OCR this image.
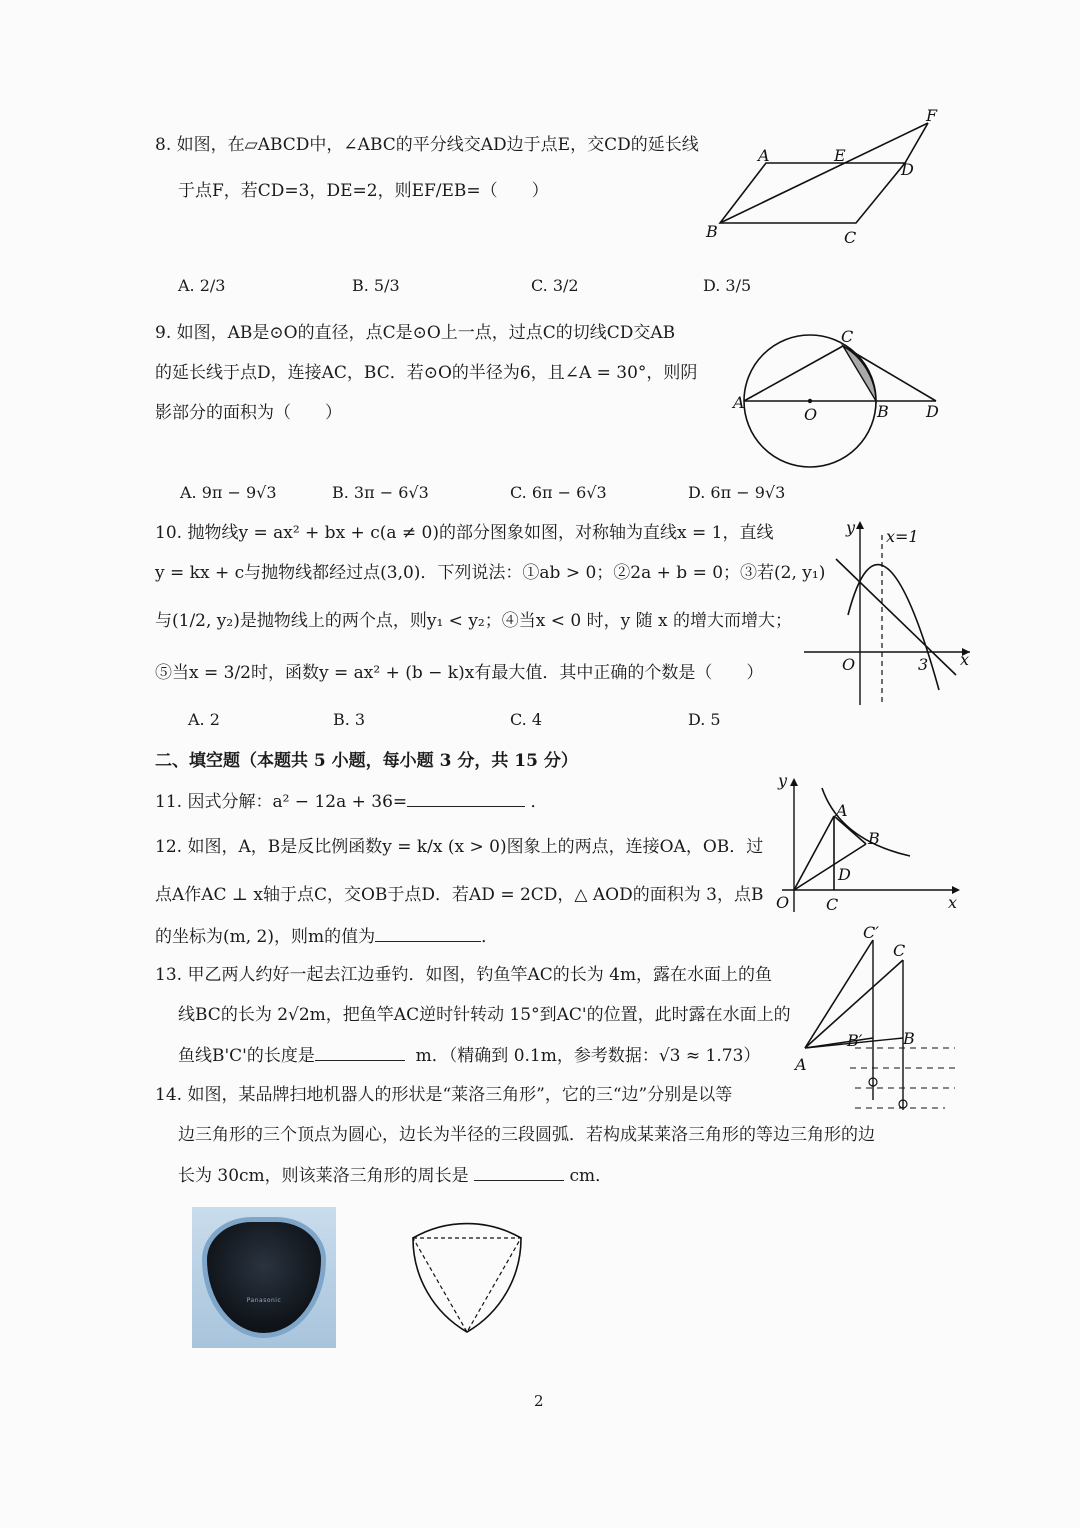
8. 如图，在▱ABCD中，∠ABC的平分线交AD边于点E，交CD的延长线
于点F，若CD=3，DE=2，则EF/EB=（　　）
A. 2/3	B. 5/3	C. 3/2	D. 3/5
A	E
D
F
B	C
9. 如图，AB是⊙O的直径，点C是⊙O上一点，过点C的切线CD交AB
的延长线于点D，连接AC，BC．若⊙O的半径为6，且∠A = 30°，则阴
影部分的面积为（　　）
A. 9π − 9√3	B. 3π − 6√3	C. 6π − 6√3	D. 6π − 9√3
C
A
O	B D
10. 抛物线y = ax² + bx + c(a ≠ 0)的部分图象如图，对称轴为直线x = 1，直线
y = kx + c与抛物线都经过点(3,0)．下列说法：①ab > 0；②2a + b = 0；③若(2, y₁)
与(1/2, y₂)是抛物线上的两个点，则y₁ < y₂；④当x < 0 时，y 随 x 的增大而增大；
⑤当x = 3/2时，函数y = ax² + (b − k)x有最大值．其中正确的个数是（　　）
A. 2	B. 3	C. 4	D. 5
y x=1
O	3 x
二、填空题（本题共 5 小题，每小题 3 分，共 15 分）
11. 因式分解：a² − 12a + 36=	．
12. 如图，A，B是反比例函数y = k/x (x > 0)图象上的两点，连接OA，OB．过
点A作AC ⊥ x轴于点C，交OB于点D．若AD = 2CD，△ AOD的面积为 3，点B
的坐标为(m, 2)，则m的值为	．
y
A
B
D
O C	x
13. 甲乙两人约好一起去江边垂钓．如图，钓鱼竿AC的长为 4m，露在水面上的鱼
线BC的长为 2√2m，把鱼竿AC逆时针转动 15°到AC'的位置，此时露在水面上的
鱼线B'C'的长度是	m．（精确到 0.1m，参考数据：√3 ≈ 1.73）
C′
C
B′	B
A
14. 如图，某品牌扫地机器人的形状是“莱洛三角形”，它的三“边”分别是以等
边三角形的三个顶点为圆心，边长为半径的三段圆弧．若构成某莱洛三角形的等边三角形的边
长为 30cm，则该莱洛三角形的周长是	cm．
Panasonic
2
